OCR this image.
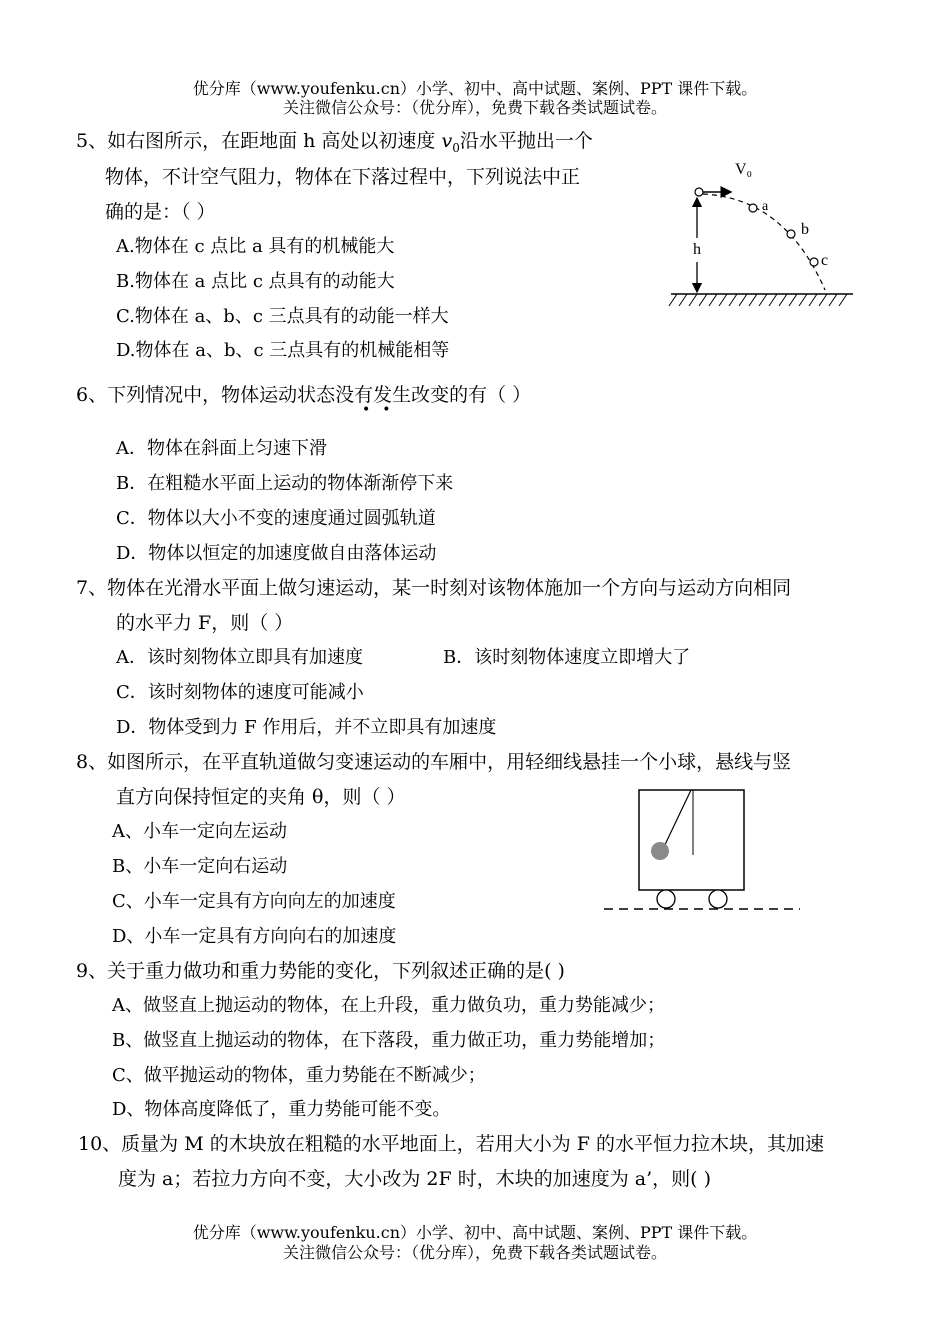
优分库（www.youfenku.cn）小学、初中、高中试题、案例、PPT 课件下载。
关注微信公众号：（优分库），免费下载各类试题试卷。
5、如右图所示，在距地面 h 高处以初速度 $v_0$沿水平抛出一个
物体，不计空气阻力，物体在下落过程中，下列说法中正
确的是：（ ）
A.物体在 c 点比 a 具有的机械能大
B.物体在 a 点比 c 点具有的动能大
C.物体在 a、b、c 三点具有的动能一样大
D.物体在 a、b、c 三点具有的机械能相等
V₀
a
b
c
h
6、下列情况中，物体运动状态没有发生改变的有（ ）
••
A．物体在斜面上匀速下滑
B．在粗糙水平面上运动的物体渐渐停下来
C．物体以大小不变的速度通过圆弧轨道
D．物体以恒定的加速度做自由落体运动
7、物体在光滑水平面上做匀速运动，某一时刻对该物体施加一个方向与运动方向相同
的水平力 F，则（ ）
A．该时刻物体立即具有加速度	B．该时刻物体速度立即增大了
C．该时刻物体的速度可能减小
D．物体受到力 F 作用后，并不立即具有加速度
8、如图所示，在平直轨道做匀变速运动的车厢中，用轻细线悬挂一个小球，悬线与竖
直方向保持恒定的夹角 θ，则（ ）
A、小车一定向左运动
B、小车一定向右运动
C、小车一定具有方向向左的加速度
D、小车一定具有方向向右的加速度
9、关于重力做功和重力势能的变化，下列叙述正确的是( )
A、做竖直上抛运动的物体，在上升段，重力做负功，重力势能减少；
B、做竖直上抛运动的物体，在下落段，重力做正功，重力势能增加；
C、做平抛运动的物体，重力势能在不断减少；
D、物体高度降低了，重力势能可能不变。
10、质量为 M 的木块放在粗糙的水平地面上，若用大小为 F 的水平恒力拉木块，其加速
度为 a；若拉力方向不变，大小改为 2F 时，木块的加速度为 a’，则( )
优分库（www.youfenku.cn）小学、初中、高中试题、案例、PPT 课件下载。
关注微信公众号：（优分库），免费下载各类试题试卷。
